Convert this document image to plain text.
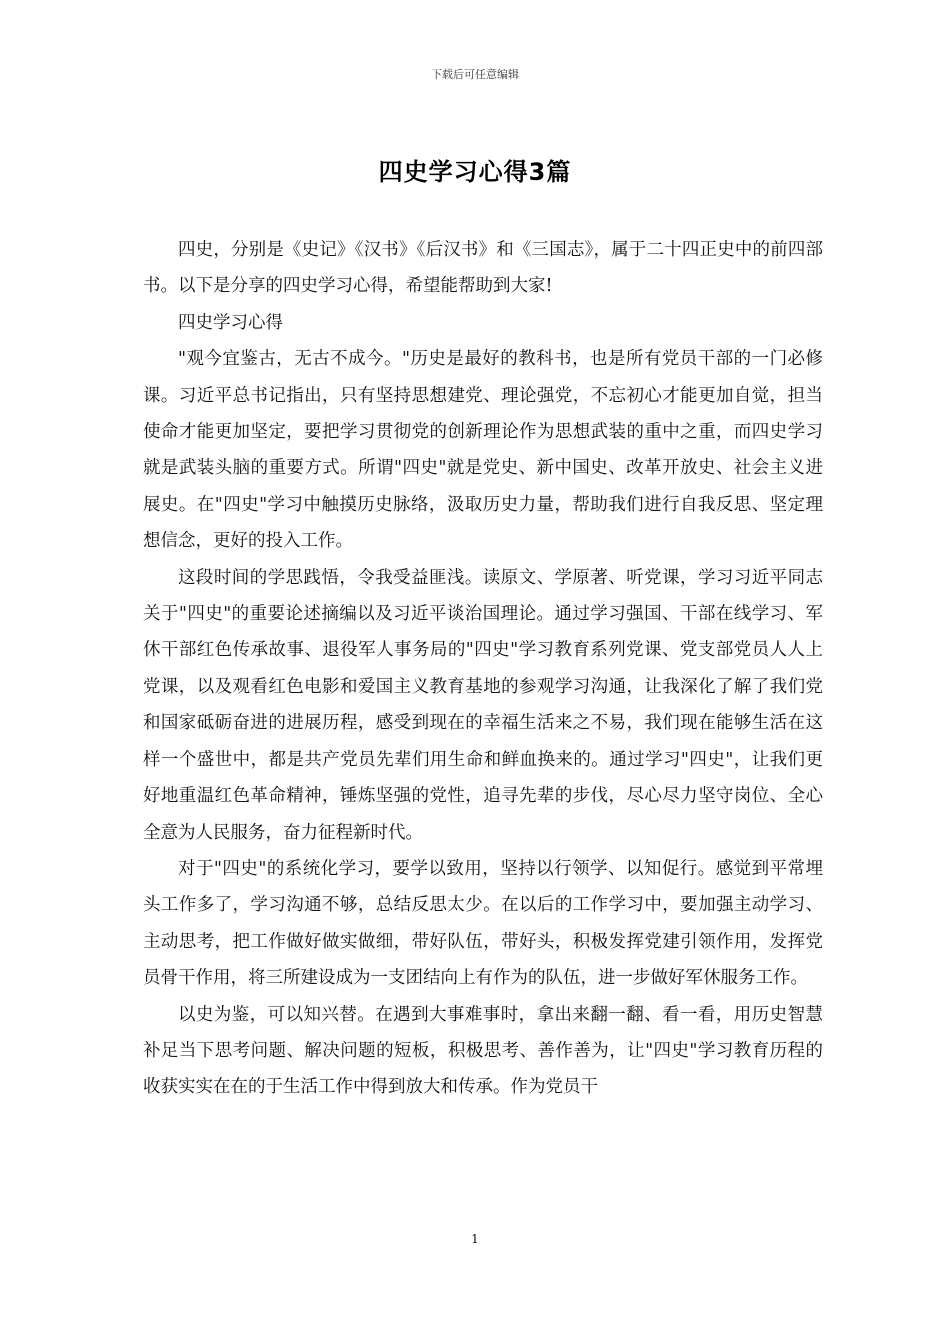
下载后可任意编辑
四史学习心得3篇

四史，分别是《史记》《汉书》《后汉书》和《三国志》，属于二十四正史中的前四部书。以下是分享的四史学习心得，希望能帮助到大家!

四史学习心得

"观今宜鉴古，无古不成今。"历史是最好的教科书，也是所有党员干部的一门必修课。习近平总书记指出，只有坚持思想建党、理论强党，不忘初心才能更加自觉，担当使命才能更加坚定，要把学习贯彻党的创新理论作为思想武装的重中之重，而四史学习就是武装头脑的重要方式。所谓"四史"就是党史、新中国史、改革开放史、社会主义进展史。在"四史"学习中触摸历史脉络，汲取历史力量，帮助我们进行自我反思、坚定理想信念，更好的投入工作。

这段时间的学思践悟，令我受益匪浅。读原文、学原著、听党课，学习习近平同志关于"四史"的重要论述摘编以及习近平谈治国理论。通过学习强国、干部在线学习、军休干部红色传承故事、退役军人事务局的"四史"学习教育系列党课、党支部党员人人上党课，以及观看红色电影和爱国主义教育基地的参观学习沟通，让我深化了解了我们党和国家砥砺奋进的进展历程，感受到现在的幸福生活来之不易，我们现在能够生活在这样一个盛世中，都是共产党员先辈们用生命和鲜血换来的。通过学习"四史"，让我们更好地重温红色革命精神，锤炼坚强的党性，追寻先辈的步伐，尽心尽力坚守岗位、全心全意为人民服务，奋力征程新时代。

对于"四史"的系统化学习，要学以致用，坚持以行领学、以知促行。感觉到平常埋头工作多了，学习沟通不够，总结反思太少。在以后的工作学习中，要加强主动学习、主动思考，把工作做好做实做细，带好队伍，带好头，积极发挥党建引领作用，发挥党员骨干作用，将三所建设成为一支团结向上有作为的队伍，进一步做好军休服务工作。

以史为鉴，可以知兴替。在遇到大事难事时，拿出来翻一翻、看一看，用历史智慧补足当下思考问题、解决问题的短板，积极思考、善作善为，让"四史"学习教育历程的收获实实在在的于生活工作中得到放大和传承。作为党员干

1
